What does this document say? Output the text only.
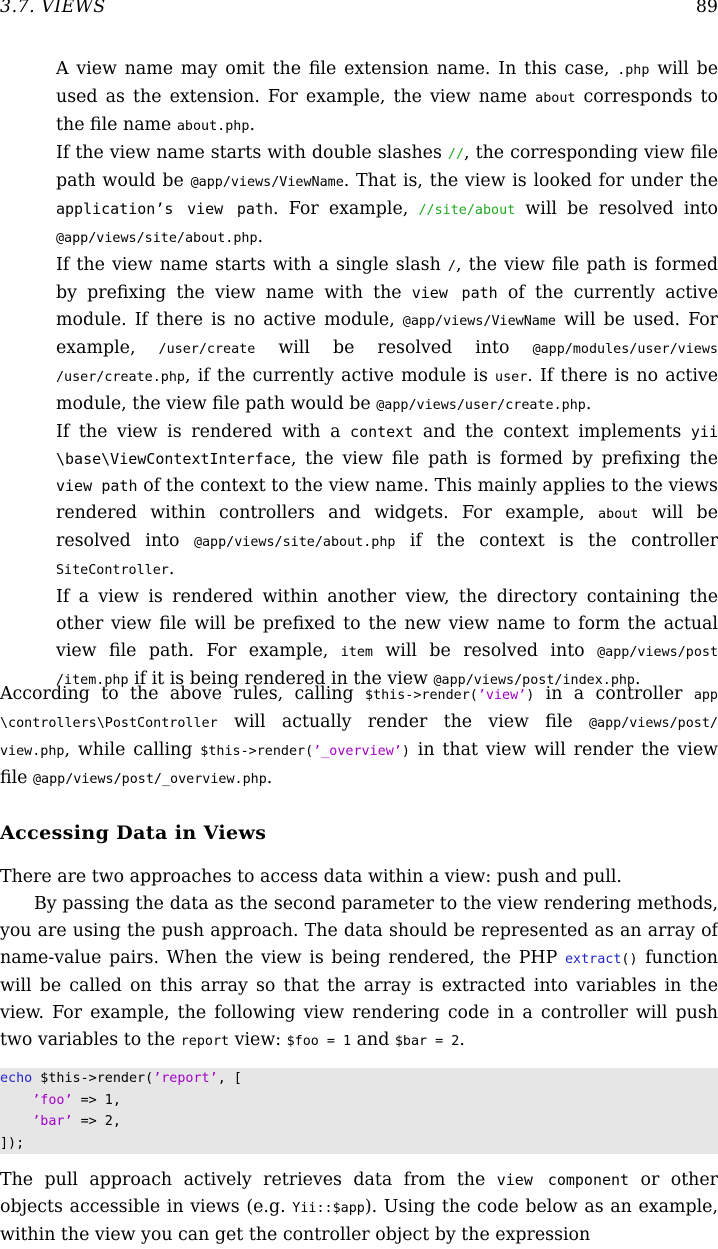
3.7. VIEWS	89

A view name may omit the file extension name. In this case, .php will be used as the extension. For example, the view name about corresponds to the file name about.php.

If the view name starts with double slashes //, the corresponding view file path would be @app/views/ViewName. That is, the view is looked for under the application’s view path. For example, //site/about will be resolved into @app/views/site/about.php.

If the view name starts with a single slash /, the view file path is formed by prefixing the view name with the view path of the currently active module. If there is no active module, @app/views/ViewName will be used. For example, /user/create will be resolved into @app/modules/user/views /user/create.php, if the currently active module is user. If there is no active module, the view file path would be @app/views/user/create.php.

If the view is rendered with a context and the context implements yii \base\ViewContextInterface, the view file path is formed by prefixing the view path of the context to the view name. This mainly applies to the views rendered within controllers and widgets. For example, about will be resolved into @app/views/site/about.php if the context is the controller SiteController.

If a view is rendered within another view, the directory containing the other view file will be prefixed to the new view name to form the actual view file path. For example, item will be resolved into @app/views/post /item.php if it is being rendered in the view @app/views/post/index.php.

According to the above rules, calling $this->render(’view’) in a controller app \controllers\PostController will actually render the view file @app/views/post/ view.php, while calling $this->render(’_overview’) in that view will render the view file @app/views/post/_overview.php.

Accessing Data in Views

There are two approaches to access data within a view: push and pull.

By passing the data as the second parameter to the view rendering methods, you are using the push approach. The data should be represented as an array of name-value pairs. When the view is being rendered, the PHP extract() function will be called on this array so that the array is extracted into variables in the view. For example, the following view rendering code in a controller will push two variables to the report view: $foo = 1 and $bar = 2.

echo $this->render(’report’, [
’foo’ => 1,
’bar’ => 2,
]);

The pull approach actively retrieves data from the view component or other objects accessible in views (e.g. Yii::$app). Using the code below as an example, within the view you can get the controller object by the expression
